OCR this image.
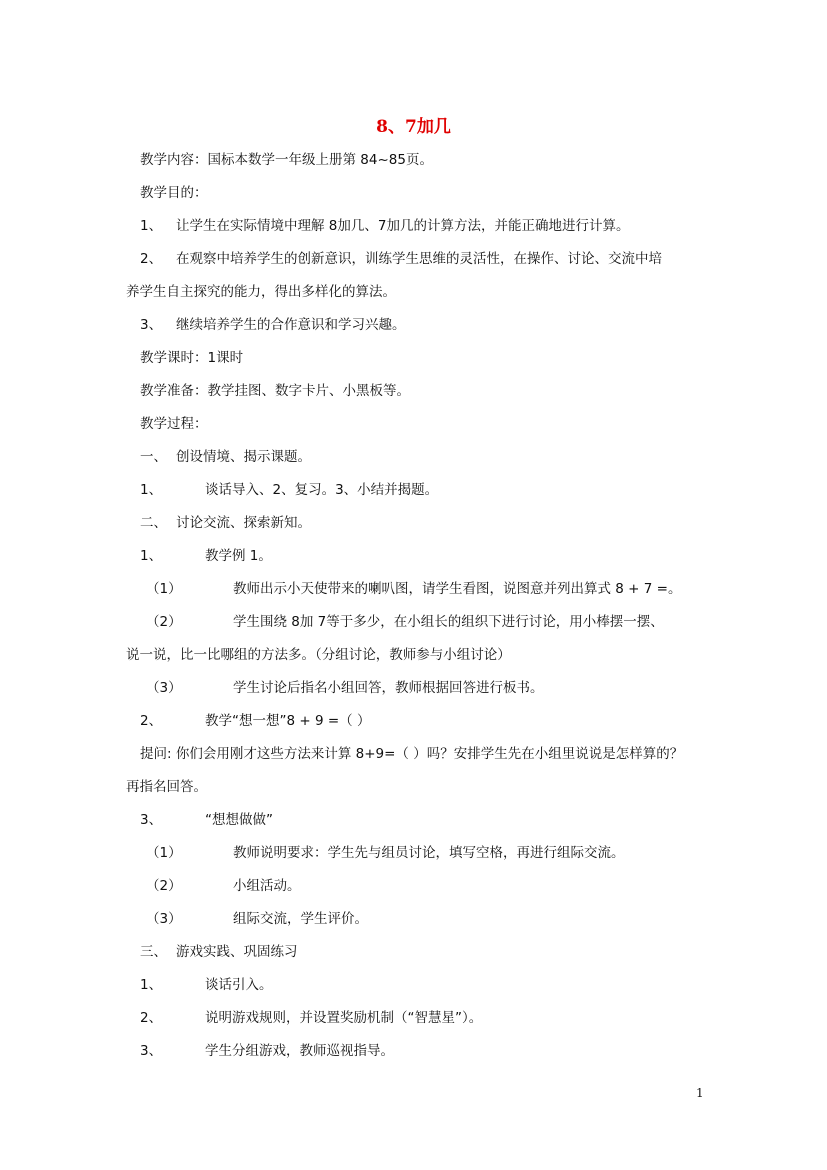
8、7加几
教学内容：国标本数学一年级上册第 84~85页。
教学目的：
1、 让学生在实际情境中理解 8加几、7加几的计算方法，并能正确地进行计算。
2、 在观察中培养学生的创新意识，训练学生思维的灵活性，在操作、讨论、交流中培
养学生自主探究的能力，得出多样化的算法。
3、 继续培养学生的合作意识和学习兴趣。
教学课时：1课时
教学准备：教学挂图、数字卡片、小黑板等。
教学过程：
一、 创设情境、揭示课题。
1、	谈话导入、2、复习。3、小结并揭题。
二、 讨论交流、探索新知。
1、	教学例 1。
（1）	教师出示小天使带来的喇叭图，请学生看图，说图意并列出算式 8 + 7 =。
（2）	学生围绕 8加 7等于多少，在小组长的组织下进行讨论，用小棒摆一摆、
说一说，比一比哪组的方法多。（分组讨论，教师参与小组讨论）
（3）	学生讨论后指名小组回答，教师根据回答进行板书。
2、	教学“想一想”8 + 9 =（ ）
提问: 你们会用刚才这些方法来计算 8+9=（ ）吗？安排学生先在小组里说说是怎样算的？
再指名回答。
3、	“想想做做”
（1）	教师说明要求：学生先与组员讨论，填写空格，再进行组际交流。
（2）	小组活动。
（3）	组际交流，学生评价。
三、 游戏实践、巩固练习
1、	谈话引入。
2、	说明游戏规则，并设置奖励机制（“智慧星”）。
3、	学生分组游戏，教师巡视指导。
1
